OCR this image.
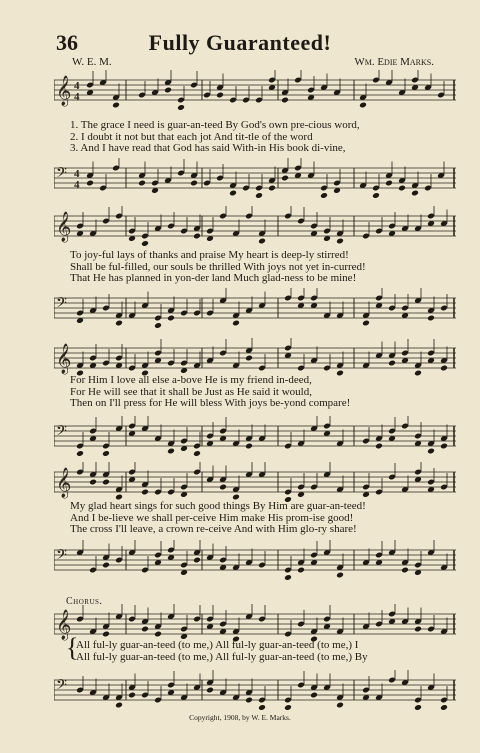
36	Fully Guaranteed!
W. E. M.	Wm. Edie Marks.
𝄞 4
4
1. The grace I need is guar-an-teed By God's own pre-cious word,
2. I doubt it not but that each jot And tit-tle of the word
3. And I have read that God has said With-in His book di-vine,
𝄢 4
4
𝄞
To joy-ful lays of thanks and praise My heart is deep-ly stirred!
Shall be ful-filled, our souls be thrilled With joys not yet in-curred!
That He has planned in yon-der land Much glad-ness to be mine!
𝄢
𝄞
For Him I love all else a-bove He is my friend in-deed,
For He will see that it shall be Just as He said it would,
Then on I'll press for He will bless With joys be-yond compare!
𝄢
𝄞
My glad heart sings for such good things By Him are guar-an-teed!
And I be-lieve we shall per-ceive Him make His prom-ise good!
The cross I'll leave, a crown re-ceive And with Him glo-ry share!
𝄢
Chorus.
𝄞
{
All ful-ly guar-an-teed (to me,) All ful-ly guar-an-teed (to me,) I
All ful-ly guar-an-teed (to me,) All ful-ly guar-an-teed (to me,) By
𝄢
Copyright, 1908, by W. E. Marks.
